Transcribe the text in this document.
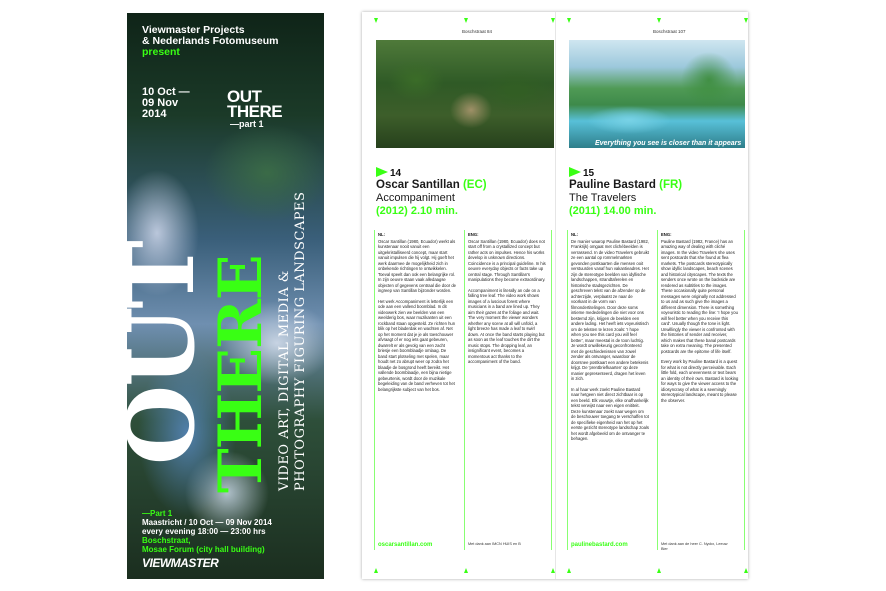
Viewmaster Projects
& Nederlands Fotomuseum
present
10 Oct —
09 Nov
2014
OUT
THERE
—part 1
OUT
THERE VIDEO ART, DIGITAL MEDIA & PHOTOGRAPHY FIGURING LANDSCAPES
—Part 1
Maastricht / 10 Oct — 09 Nov 2014
every evening 18:00 — 23:00 hrs
Boschstraat,
Mosae Forum (city hall building)
VIEWMASTER
Boschstraat 84
14
Oscar Santillan (EC)
Accompaniment
(2012) 2.10 min.
NL:

Oscar Santillan (1980, Ecuador) werkt als kunstenaar nooit vanuit een uitgekristalliseerd concept, maar start vanuit impulsen die hij volgt. Hij goeft het werk daarmee de mogelijkheid zich in onbekende richtingen te ontwikkelen. Toeval speelt dan ook een belangrijke rol. In zijn oeuvre staan vaak alledaagse objecten of gegevens centraal die door de ingreep van Santillan bijzonder worden.

Het werk Accompaniment is letterlijk een ode aan een vallend boomblad. In dit videowerk zien we beelden van een weelderig bos, waar muzikanten uit een rockband staan opgesteld. Ze richten hun blik op het bladerdak en wachten af. Net op het moment dat je je als toeschouwer afvraagt of er nog iets gaat gebeuren, dwarrelt er als gevolg van een zacht briesje een boomblaadje omlaag. De band start plotseling met spelen, maar houdt net zo abrupt weer op zodra het blaadje de bosgrond heeft bereikt. Het vallende boomblaadje, een bijna nietige gebeurtenis, wordt door de muzikale begeleiding van de band verheven tot het belangrijkste subject van het bos.

ENG:

Oscar Santillan (1980, Ecuador) does not start off from a crystallized concept but rather acts on impulses. Hence his works develop in unknown directions. Coincidence is a principal guideline. In his oeuvre everyday objects or facts take up central stage. Through Santillan's manipulations they become extraordinary.

Accompaniment is literally an ode on a falling tree leaf. The video work shows images of a luscious forest where musicians in a band are lined up. They aim their gazes at the foliage and wait. The very moment the viewer wonders whether any scene at all will unfold, a light breeze has made a leaf to swirl down. At once the band starts playing but as soon as the leaf touches the dirt the music stops. The dropping leaf, an insignificant event, becomes a momentous act thanks to the accompaniment of the band.

oscarsantillan.com	Met dank aan IMCN HUIS en B
Boschstraat 107
Everything you see is closer than it appears
15
Pauline Bastard (FR)
The Travelers
(2011) 14.00 min.
NL:

De manier waarop Pauline Bastard (1982, Frankrijk) omgaat met clichébeelden is verrassend. In de video Travelers gebruikt ze een aantal op rommelmarkten gevonden postkaarten die mensen ooit verstuurden vanaf hun vakantieadres. Het zijn de stereotype beelden van idyllische landschappen, strandtaferelen en historische stadsgezichten. De geschreven tekst van de afzender op de achterzijde, verplaatst ze naar de voorkant in de vorm van filmondertitelingen. Door deze soms intieme mededelingen die niet voor ons bestemd zijn, krijgen de beelden een andere lading. Het heeft iets voyeuristisch om de teksten te lezen zoals: 'I hope when you see this card you will feel better', maar meestal is de toon luchtig. Je wordt onwillekeurig geconfronteerd met de geschiedenissen van zowel zender als ontvanger, waardoor de doorsnee postkaart een andere betekenis krijgt. De 'prentbriefkaarten' op deze manier gepresenteerd, dragen het leven in zich.

In al haar werk zoekt Pauline Bastard naar hetgeen niet direct zichtbaar is op een beeld. Elk vouwtje, elke onafhankelijk tekst verwijst naar een eigen enititeit. Deze kunstenaar zoekt naar wegen om de beschouwer toegang te verschaffen tot de specifieke eigenheid van het op het eerste gezicht stereotype landschap zoals het wordt afgebeeld om de ontvanger te behagen.

ENG:

Pauline Bastard (1982, France) has an amazing way of dealing with cliché images. In the video Travelers she uses sent postcards that she found at flea markets. The postcards stereotypically show idyllic landscapes, beach scenes and historical cityscapes. The texts the senders once wrote on the backside are rendered as subtitles to the images. These occasionally quite personal messages were originally not addressed to us and as such give the images a different dimension. There is something voyeuristic to reading the line: 'I hope you will feel better when you receive this card'. Usually though the tone is light. Unwillingly the viewer is confronted with the histories of sender and receiver, which makes that these banal postcards take on extra meaning. The presented postcards are the epitome of life itself.

Every work by Pauline Bastard is a quest for what is not directly perceivable. Each little fold, each unevenness or text bears an identity of their own. Bastard is looking for ways to give the viewer access to the idiosyncrasy of what is a seemingly stereotypical landscape, meant to please the observer.

paulinebastard.com	Met dank aan de heer C. Nyckx, Leeuw Bier
